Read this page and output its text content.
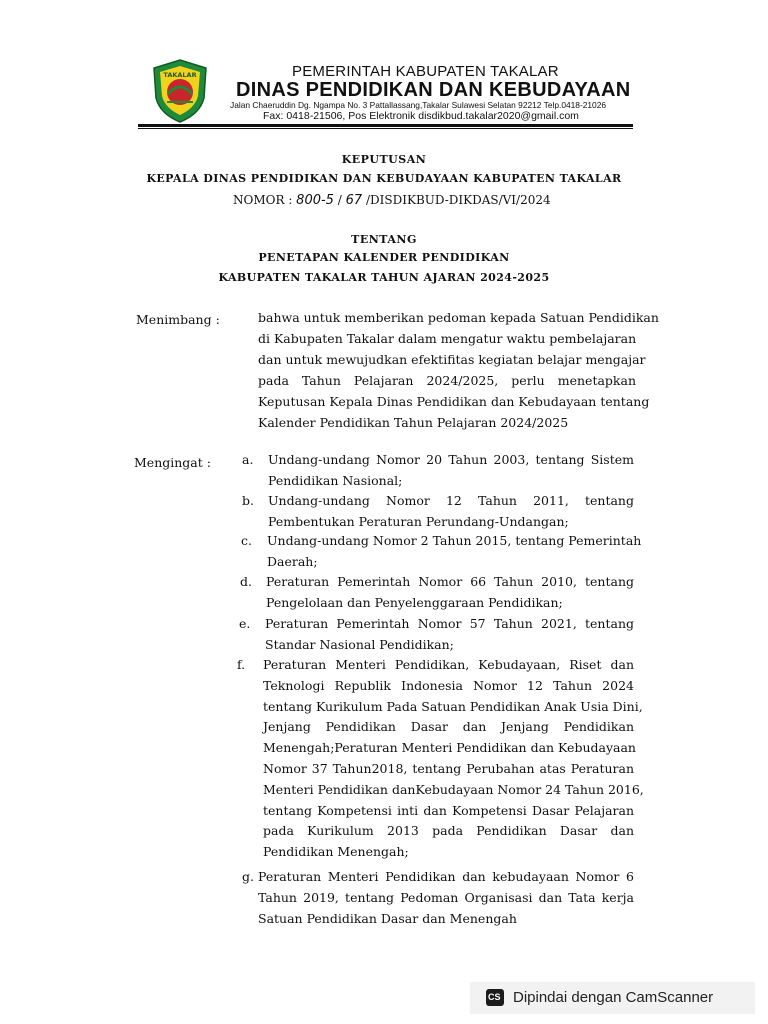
TAKALAR	PEMERINTAH KABUPATEN TAKALAR
DINAS PENDIDIKAN DAN KEBUDAYAAN
Jalan Chaeruddin Dg. Ngampa No. 3 Pattallassang,Takalar Sulawesi Selatan 92212 Telp.0418-21026
Fax: 0418-21506, Pos Elektronik disdikbud.takalar2020@gmail.com
KEPUTUSAN
KEPALA DINAS PENDIDIKAN DAN KEBUDAYAAN KABUPATEN TAKALAR
NOMOR : 800-5 / 67 /DISDIKBUD-DIKDAS/VI/2024
TENTANG
PENETAPAN KALENDER PENDIDIKAN
KABUPATEN TAKALAR TAHUN AJARAN 2024-2025
Menimbang :	bahwa untuk memberikan pedoman kepada Satuan Pendidikan
di Kabupaten Takalar dalam mengatur waktu pembelajaran
dan untuk mewujudkan efektifitas kegiatan belajar mengajar
pada Tahun Pelajaran 2024/2025, perlu menetapkan
Keputusan Kepala Dinas Pendidikan dan Kebudayaan tentang
Kalender Pendidikan Tahun Pelajaran 2024/2025
Mengingat : a. Undang-undang Nomor 20 Tahun 2003, tentang Sistem
Pendidikan Nasional;
b. Undang-undang Nomor 12 Tahun 2011, tentang
Pembentukan Peraturan Perundang-Undangan;
c. Undang-undang Nomor 2 Tahun 2015, tentang Pemerintah
Daerah;
d. Peraturan Pemerintah Nomor 66 Tahun 2010, tentang
Pengelolaan dan Penyelenggaraan Pendidikan;
e. Peraturan Pemerintah Nomor 57 Tahun 2021, tentang
Standar Nasional Pendidikan;
f. Peraturan Menteri Pendidikan, Kebudayaan, Riset dan
Teknologi Republik Indonesia Nomor 12 Tahun 2024
tentang Kurikulum Pada Satuan Pendidikan Anak Usia Dini,
Jenjang Pendidikan Dasar dan Jenjang Pendidikan
Menengah;Peraturan Menteri Pendidikan dan Kebudayaan
Nomor 37 Tahun2018, tentang Perubahan atas Peraturan
Menteri Pendidikan danKebudayaan Nomor 24 Tahun 2016,
tentang Kompetensi inti dan Kompetensi Dasar Pelajaran
pada Kurikulum 2013 pada Pendidikan Dasar dan
Pendidikan Menengah;
g. Peraturan Menteri Pendidikan dan kebudayaan Nomor 6
Tahun 2019, tentang Pedoman Organisasi dan Tata kerja
Satuan Pendidikan Dasar dan Menengah
CS Dipindai dengan CamScanner
